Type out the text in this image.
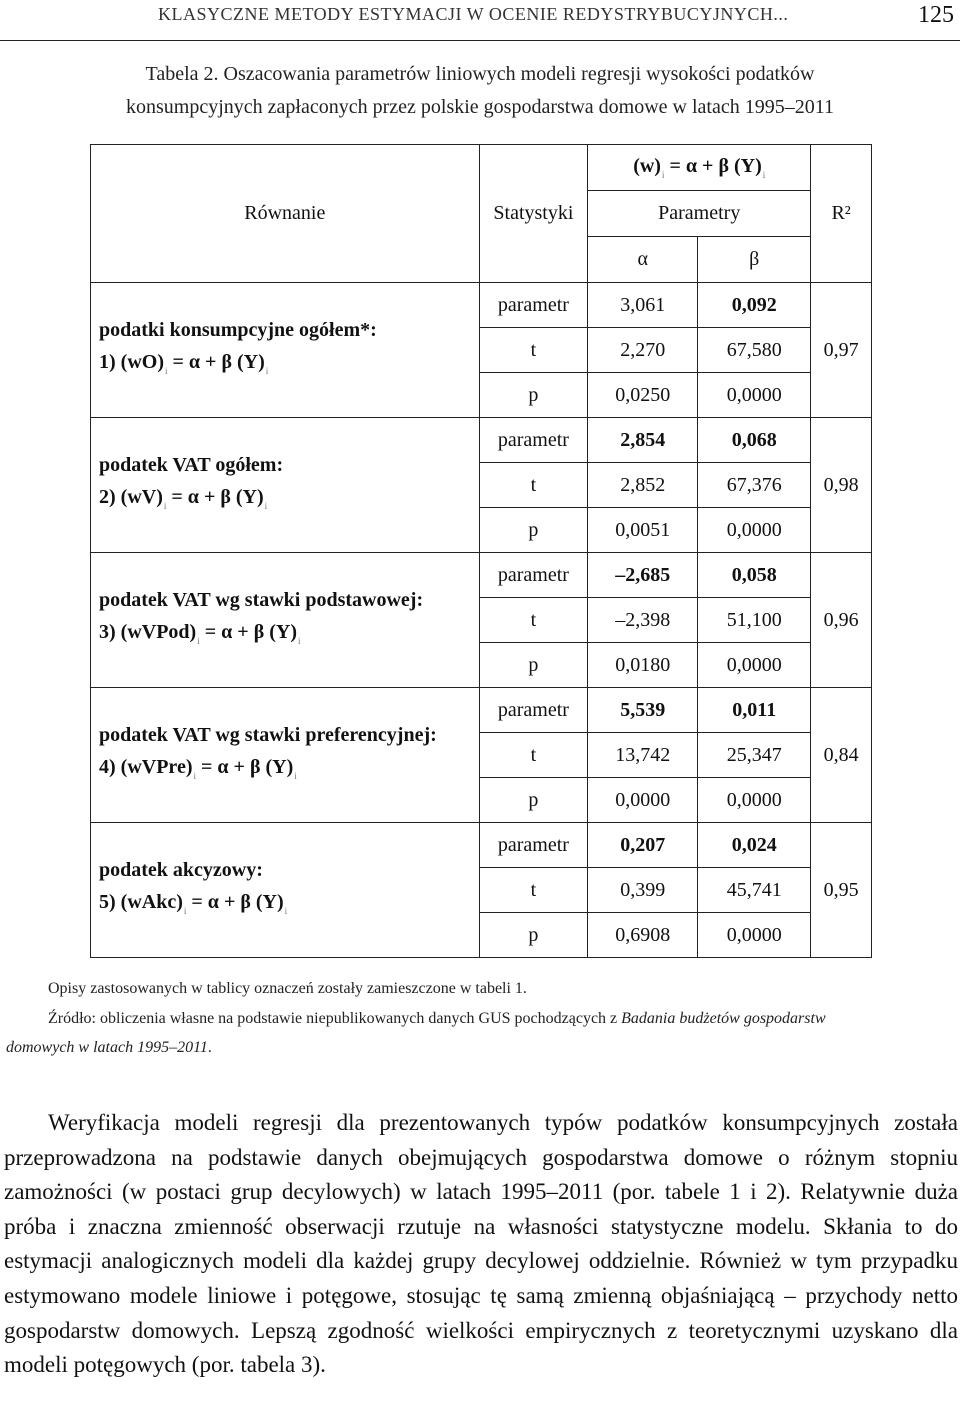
KLASYCZNE METODY ESTYMACJI W OCENIE REDYSTRYBUCYJNYCH...	125
Tabela 2. Oszacowania parametrów liniowych modeli regresji wysokości podatków
konsumpcyjnych zapłaconych przez polskie gospodarstwa domowe w latach 1995–2011
Równanie	Statystyki	$(w)_i = \alpha + \beta$ $(Y)_i$		R²
		Parametry		
		α	β	

podatki konsumpcyjne ogółem*:
1) $(wO)_i = \alpha + \beta$ $(Y)_i$	parametr	3,061	0,092	0,97
	t	2,270	67,580	
	p	0,0250	0,0000	

podatek VAT ogółem:
2) $(wV)_i = \alpha + \beta$ $(Y)_i$	parametr	2,854	0,068	0,98
	t	2,852	67,376	
	p	0,0051	0,0000	

podatek VAT wg stawki podstawowej:
3) $(wVPod)_i = \alpha + \beta$ $(Y)_i$	parametr	–2,685	0,058	0,96
	t	–2,398	51,100	
	p	0,0180	0,0000	

podatek VAT wg stawki preferencyjnej:
4) $(wVPre)_i = \alpha + \beta$ $(Y)_i$	parametr	5,539	0,011	0,84
	t	13,742	25,347	
	p	0,0000	0,0000	

podatek akcyzowy:
5) $(wAkc)_i = \alpha + \beta$ $(Y)_i$	parametr	0,207	0,024	0,95
	t	0,399	45,741	
	p	0,6908	0,0000	
Opisy zastosowanych w tablicy oznaczeń zostały zamieszczone w tabeli 1.
Źródło: obliczenia własne na podstawie niepublikowanych danych GUS pochodzących z Badania budżetów gospodarstw
domowych w latach 1995–2011.
Weryfikacja modeli regresji dla prezentowanych typów podatków konsumpcyjnych została przeprowadzona na podstawie danych obejmujących gospodarstwa domowe o różnym stopniu zamożności (w postaci grup decylowych) w latach 1995–2011 (por. tabele 1 i 2). Relatywnie duża próba i znaczna zmienność obserwacji rzutuje na własności statystyczne modelu. Skłania to do estymacji analogicznych modeli dla każdej grupy decylowej oddzielnie. Również w tym przypadku estymowano modele liniowe i potęgowe, stosując tę samą zmienną objaśniającą – przychody netto gospodarstw domowych. Lepszą zgodność wielkości empirycznych z teoretycznymi uzyskano dla modeli potęgowych (por. tabela 3).
